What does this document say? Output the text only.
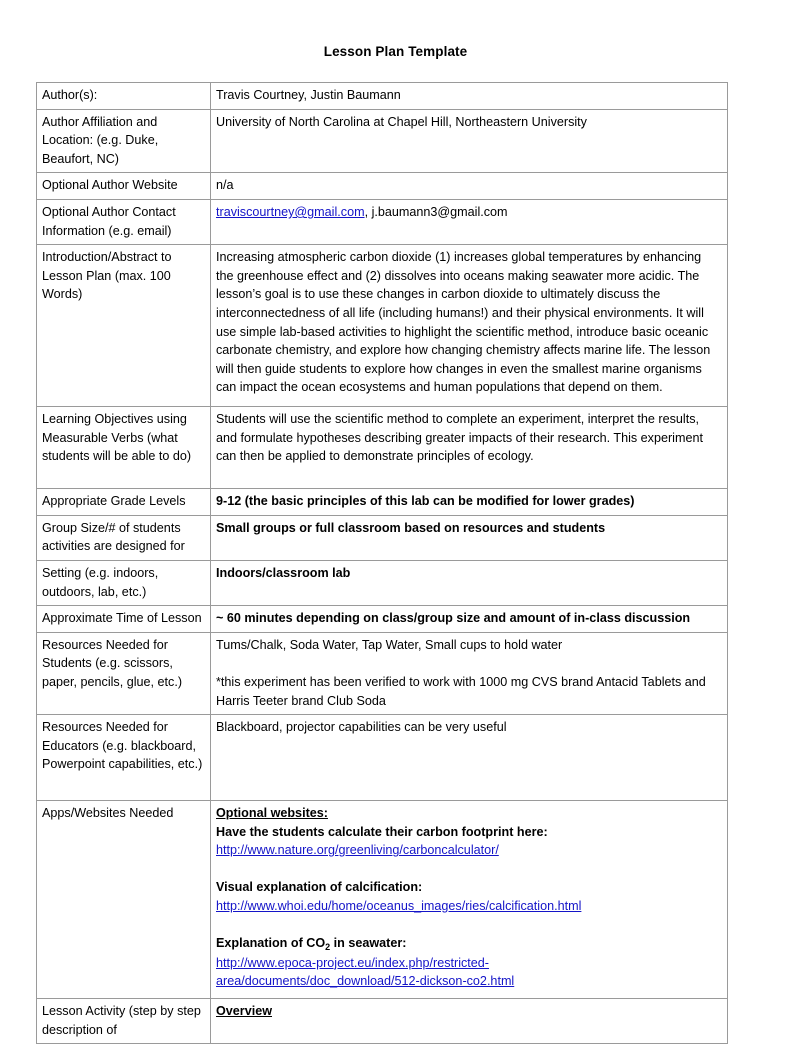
Lesson Plan Template
Author(s):	Travis Courtney, Justin Baumann
Author Affiliation and Location: (e.g. Duke, Beaufort, NC)	University of North Carolina at Chapel Hill, Northeastern University
Optional Author Website	n/a
Optional Author Contact Information (e.g. email)	traviscourtney@gmail.com, j.baumann3@gmail.com
Introduction/Abstract to Lesson Plan (max. 100 Words)	Increasing atmospheric carbon dioxide (1) increases global temperatures by enhancing the greenhouse effect and (2) dissolves into oceans making seawater more acidic. The lesson’s goal is to use these changes in carbon dioxide to ultimately discuss the interconnectedness of all life (including humans!) and their physical environments. It will use simple lab-based activities to highlight the scientific method, introduce basic oceanic carbonate chemistry, and explore how changing chemistry affects marine life. The lesson will then guide students to explore how changes in even the smallest marine organisms can impact the ocean ecosystems and human populations that depend on them.
Learning Objectives using Measurable Verbs (what students will be able to do)	Students will use the scientific method to complete an experiment, interpret the results, and formulate hypotheses describing greater impacts of their research. This experiment can then be applied to demonstrate principles of ecology.
Appropriate Grade Levels	9-12 (the basic principles of this lab can be modified for lower grades)
Group Size/# of students activities are designed for	Small groups or full classroom based on resources and students
Setting (e.g. indoors, outdoors, lab, etc.)	Indoors/classroom lab
Approximate Time of Lesson	~ 60 minutes depending on class/group size and amount of in-class discussion
Resources Needed for Students (e.g. scissors, paper, pencils, glue, etc.)	Tums/Chalk, Soda Water, Tap Water, Small cups to hold water

*this experiment has been verified to work with 1000 mg CVS brand Antacid Tablets and Harris Teeter brand Club Soda

Resources Needed for Educators (e.g. blackboard, Powerpoint capabilities, etc.)	Blackboard, projector capabilities can be very useful
Apps/Websites Needed	Optional websites:

Have the students calculate their carbon footprint here:

http://www.nature.org/greenliving/carboncalculator/

Visual explanation of calcification:

http://www.whoi.edu/home/oceanus_images/ries/calcification.html

Explanation of $CO_2$ in seawater:

http://www.epoca-project.eu/index.php/restricted-
area/documents/doc_download/512-dickson-co2.html

Lesson Activity (step by step description of	Overview
